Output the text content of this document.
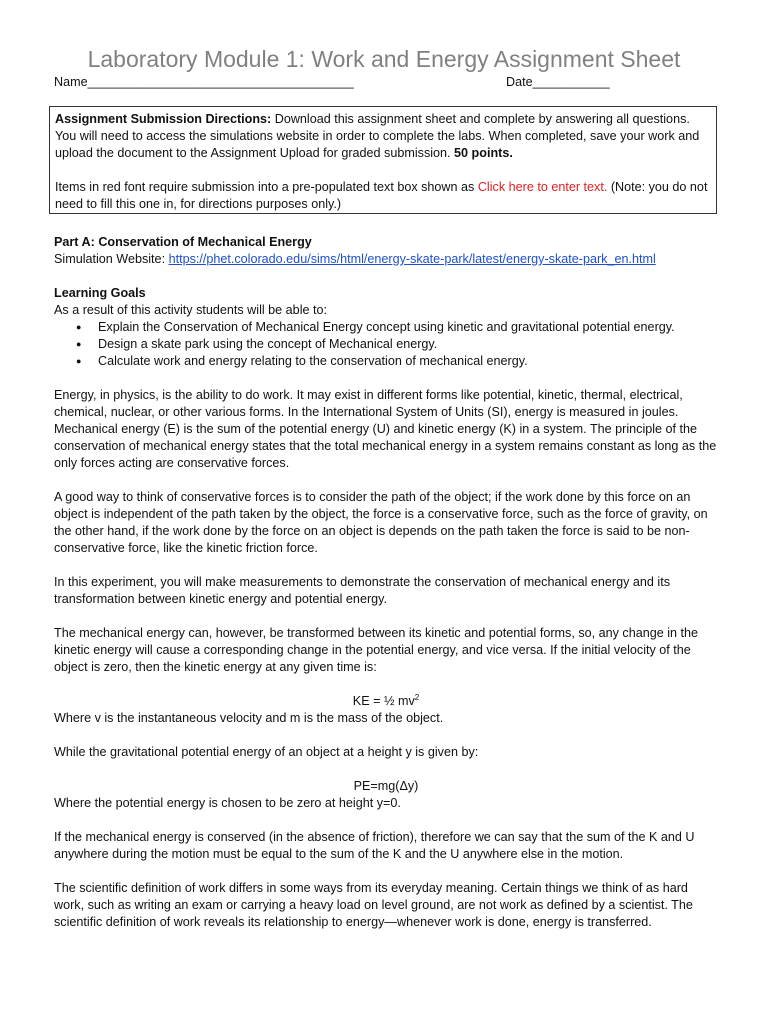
Laboratory Module 1: Work and Energy Assignment Sheet
Name______________________________________	Date___________

Assignment Submission Directions: Download this assignment sheet and complete by answering all questions. You will need to access the simulations website in order to complete the labs. When completed, save your work and upload the document to the Assignment Upload for graded submission. 50 points.

Items in red font require submission into a pre-populated text box shown as Click here to enter text. (Note: you do not need to fill this one in, for directions purposes only.)

Part A: Conservation of Mechanical Energy

Simulation Website: https://phet.colorado.edu/sims/html/energy-skate-park/latest/energy-skate-park_en.html

Learning Goals

As a result of this activity students will be able to:

● Explain the Conservation of Mechanical Energy concept using kinetic and gravitational potential energy.
● Design a skate park using the concept of Mechanical energy.
● Calculate work and energy relating to the conservation of mechanical energy.

Energy, in physics, is the ability to do work. It may exist in different forms like potential, kinetic, thermal, electrical, chemical, nuclear, or other various forms. In the International System of Units (SI), energy is measured in joules. Mechanical energy (E) is the sum of the potential energy (U) and kinetic energy (K) in a system. The principle of the conservation of mechanical energy states that the total mechanical energy in a system remains constant as long as the only forces acting are conservative forces.

A good way to think of conservative forces is to consider the path of the object; if the work done by this force on an object is independent of the path taken by the object, the force is a conservative force, such as the force of gravity, on the other hand, if the work done by the force on an object is depends on the path taken the force is said to be non-conservative force, like the kinetic friction force.

In this experiment, you will make measurements to demonstrate the conservation of mechanical energy and its transformation between kinetic energy and potential energy.

The mechanical energy can, however, be transformed between its kinetic and potential forms, so, any change in the kinetic energy will cause a corresponding change in the potential energy, and vice versa. If the initial velocity of the object is zero, then the kinetic energy at any given time is:

KE = ½ $mv^2$

Where v is the instantaneous velocity and m is the mass of the object.

While the gravitational potential energy of an object at a height y is given by:

PE=mg(Δy)

Where the potential energy is chosen to be zero at height y=0.

If the mechanical energy is conserved (in the absence of friction), therefore we can say that the sum of the K and U anywhere during the motion must be equal to the sum of the K and the U anywhere else in the motion.

The scientific definition of work differs in some ways from its everyday meaning. Certain things we think of as hard work, such as writing an exam or carrying a heavy load on level ground, are not work as defined by a scientist. The scientific definition of work reveals its relationship to energy—whenever work is done, energy is transferred.
